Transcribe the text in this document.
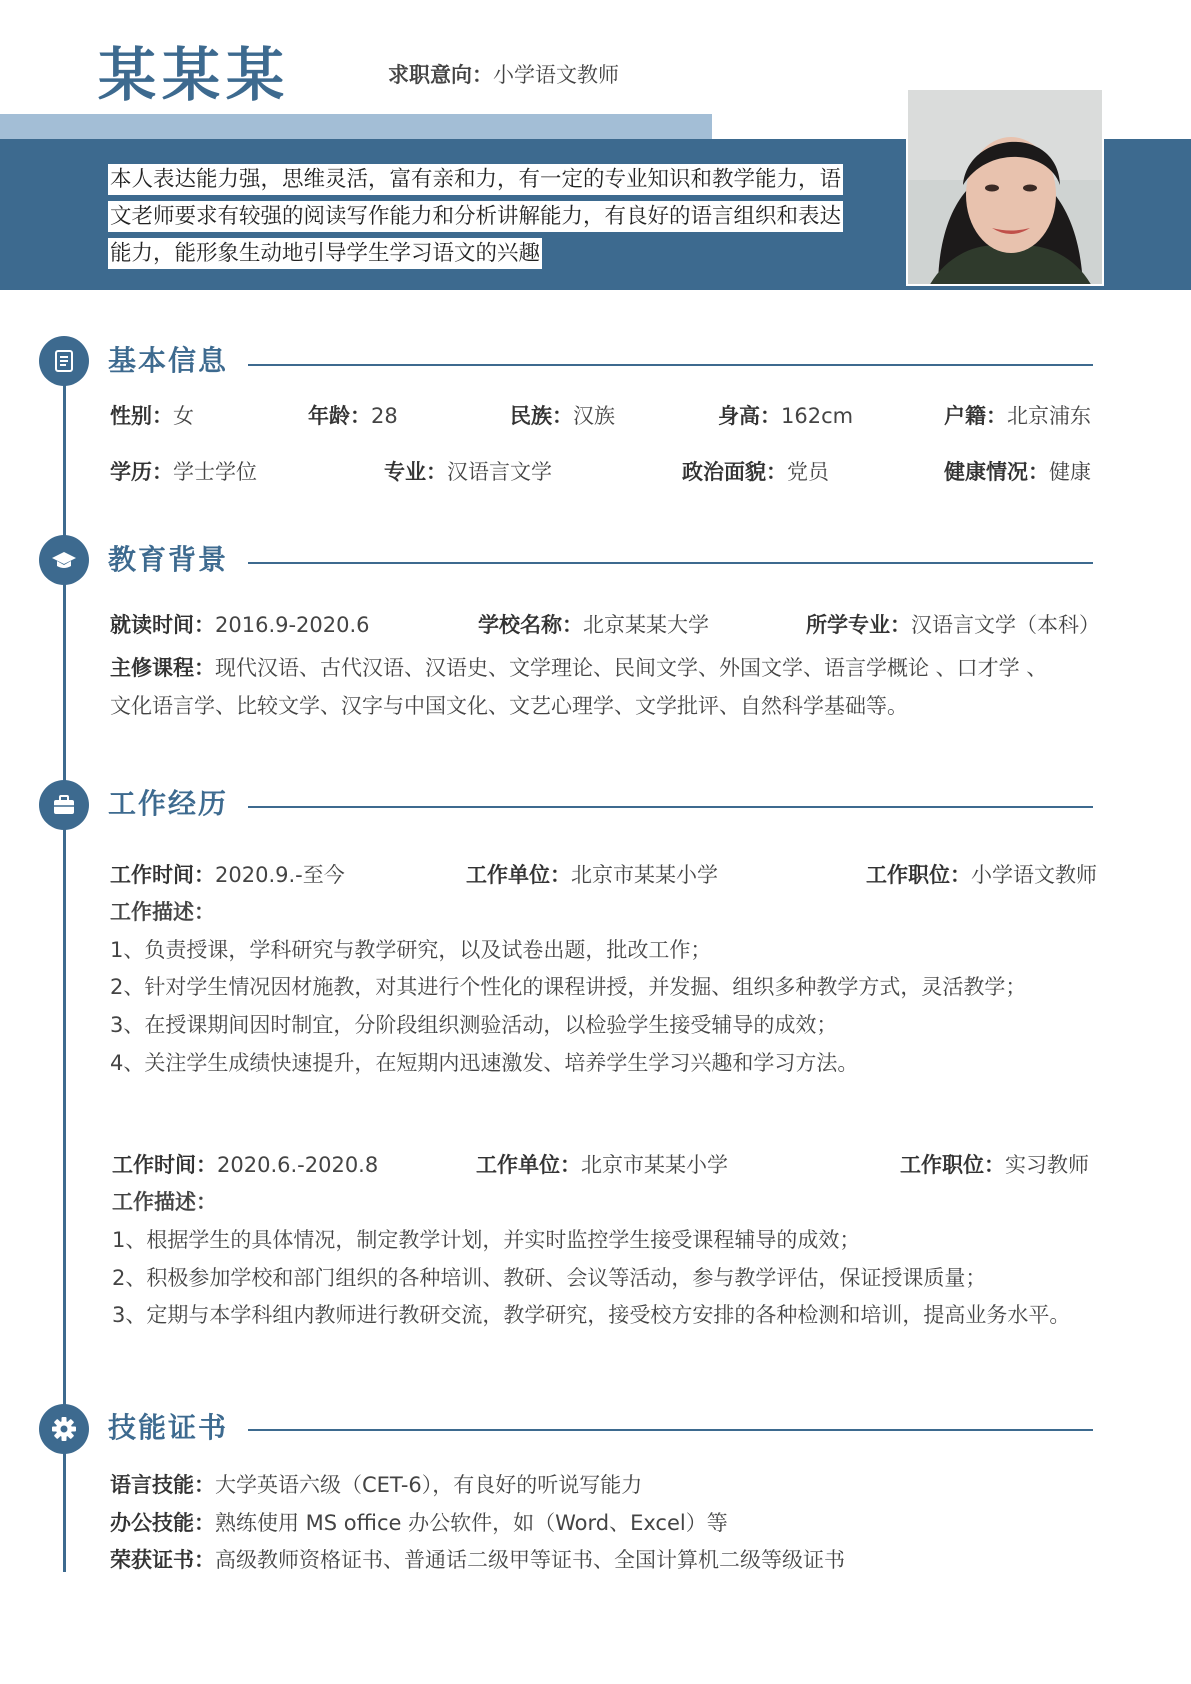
某某某	求职意向：小学语文教师
本人表达能力强，思维灵活，富有亲和力，有一定的专业知识和教学能力，语文老师要求有较强的阅读写作能力和分析讲解能力，有良好的语言组织和表达能力，能形象生动地引导学生学习语文的兴趣
基本信息
性别：女	年龄：28	民族：汉族	身高：162cm	户籍：北京浦东
学历：学士学位	专业：汉语言文学	政治面貌：党员	健康情况：健康
教育背景
就读时间：2016.9-2020.6	学校名称：北京某某大学	所学专业：汉语言文学（本科）
主修课程：现代汉语、古代汉语、汉语史、文学理论、民间文学、外国文学、语言学概论 、口才学 、
文化语言学、比较文学、汉字与中国文化、文艺心理学、文学批评、自然科学基础等。
工作经历
工作时间：2020.9.-至今	工作单位：北京市某某小学	工作职位：小学语文教师
工作描述：
1、负责授课，学科研究与教学研究，以及试卷出题，批改工作；
2、针对学生情况因材施教，对其进行个性化的课程讲授，并发掘、组织多种教学方式，灵活教学；
3、在授课期间因时制宜，分阶段组织测验活动，以检验学生接受辅导的成效；
4、关注学生成绩快速提升，在短期内迅速激发、培养学生学习兴趣和学习方法。
工作时间：2020.6.-2020.8	工作单位：北京市某某小学	工作职位：实习教师
工作描述：
1、根据学生的具体情况，制定教学计划，并实时监控学生接受课程辅导的成效；
2、积极参加学校和部门组织的各种培训、教研、会议等活动，参与教学评估，保证授课质量；
3、定期与本学科组内教师进行教研交流，教学研究，接受校方安排的各种检测和培训，提高业务水平。
技能证书
语言技能：大学英语六级（CET-6），有良好的听说写能力
办公技能：熟练使用 MS office 办公软件，如（Word、Excel）等
荣获证书：高级教师资格证书、普通话二级甲等证书、全国计算机二级等级证书
